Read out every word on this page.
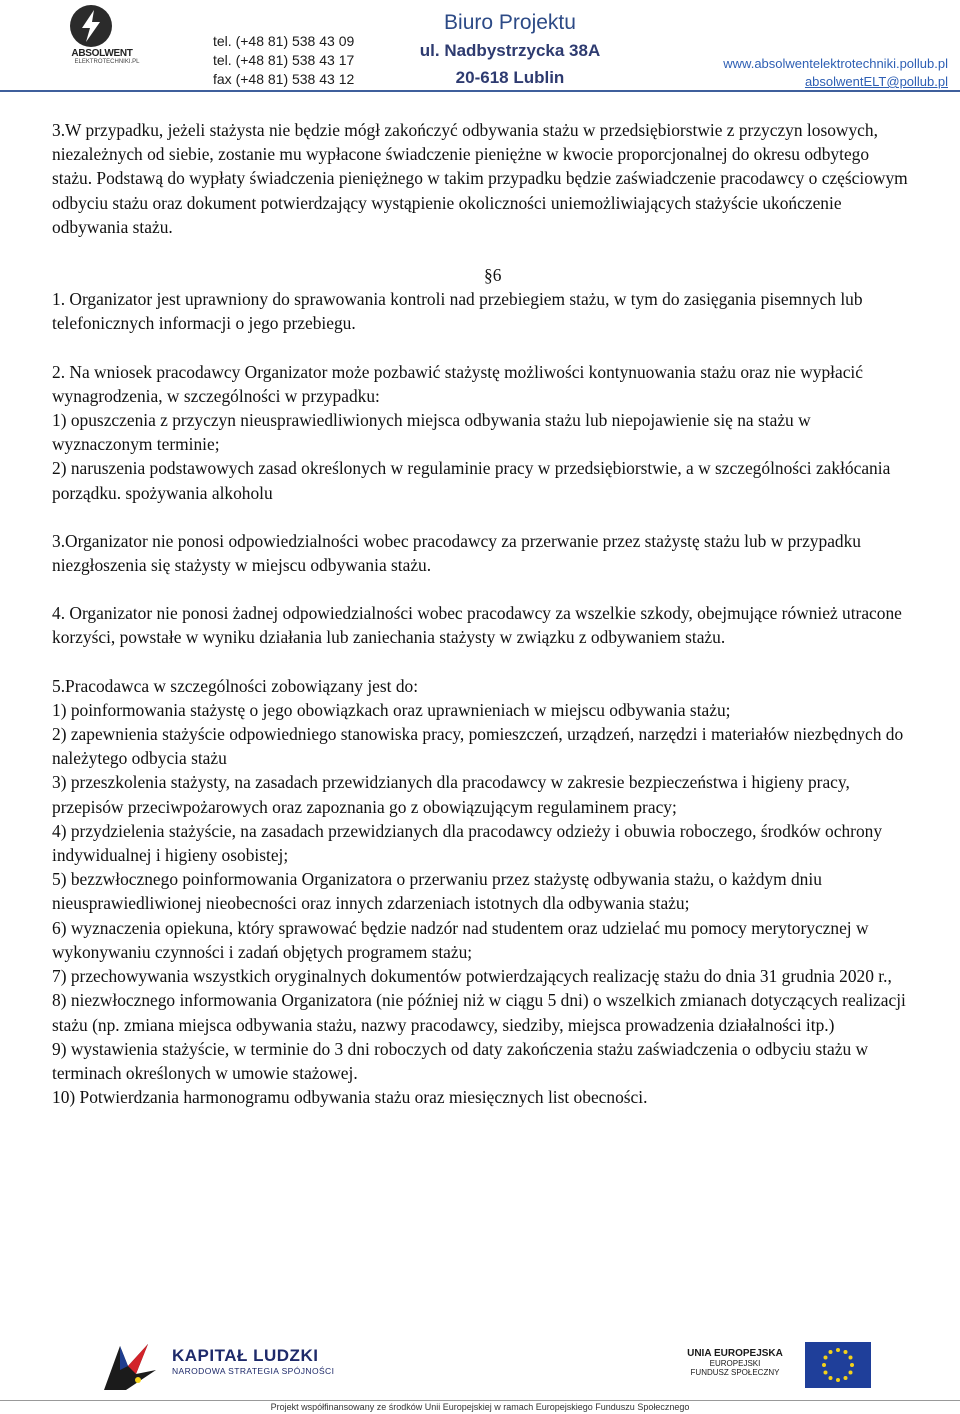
ABSOLWENT
ELEKTROTECHNIKI.PL
tel. (+48 81) 538 43 09
tel. (+48 81) 538 43 17
fax (+48 81) 538 43 12
Biuro Projektu
ul. Nadbystrzycka 38A
20-618 Lublin
www.absolwentelektrotechniki.pollub.pl
absolwentELT@pollub.pl

3.W przypadku, jeżeli stażysta nie będzie mógł zakończyć odbywania stażu w przedsiębiorstwie z przyczyn losowych, niezależnych od siebie, zostanie mu wypłacone świadczenie pieniężne w kwocie proporcjonalnej do okresu odbytego stażu. Podstawą do wypłaty świadczenia pieniężnego w takim przypadku będzie zaświadczenie pracodawcy o częściowym odbyciu stażu oraz dokument potwierdzający wystąpienie okoliczności uniemożliwiających stażyście ukończenie odbywania stażu.

§6

1. Organizator jest uprawniony do sprawowania kontroli nad przebiegiem stażu, w tym do zasięgania pisemnych lub telefonicznych informacji o jego przebiegu.

2. Na wniosek pracodawcy Organizator może pozbawić stażystę możliwości kontynuowania stażu oraz nie wypłacić wynagrodzenia, w szczególności w przypadku:

1) opuszczenia z przyczyn nieusprawiedliwionych miejsca odbywania stażu lub niepojawienie się na stażu w wyznaczonym terminie;

2) naruszenia podstawowych zasad określonych w regulaminie pracy w przedsiębiorstwie, a w szczególności zakłócania porządku. spożywania alkoholu

3.Organizator nie ponosi odpowiedzialności wobec pracodawcy za przerwanie przez stażystę stażu lub w przypadku niezgłoszenia się stażysty w miejscu odbywania stażu.

4. Organizator nie ponosi żadnej odpowiedzialności wobec pracodawcy za wszelkie szkody, obejmujące również utracone korzyści, powstałe w wyniku działania lub zaniechania stażysty w związku z odbywaniem stażu.

5.Pracodawca w szczególności zobowiązany jest do:

1) poinformowania stażystę o jego obowiązkach oraz uprawnieniach w miejscu odbywania stażu;

2) zapewnienia stażyście odpowiedniego stanowiska pracy, pomieszczeń, urządzeń, narzędzi i materiałów niezbędnych do należytego odbycia stażu

3) przeszkolenia stażysty, na zasadach przewidzianych dla pracodawcy w zakresie bezpieczeństwa i higieny pracy, przepisów przeciwpożarowych oraz zapoznania go z obowiązującym regulaminem pracy;

4) przydzielenia stażyście, na zasadach przewidzianych dla pracodawcy odzieży i obuwia roboczego, środków ochrony indywidualnej i higieny osobistej;

5) bezzwłocznego poinformowania Organizatora o przerwaniu przez stażystę odbywania stażu, o każdym dniu nieusprawiedliwionej nieobecności oraz innych zdarzeniach istotnych dla odbywania stażu;

6) wyznaczenia opiekuna, który sprawować będzie nadzór nad studentem oraz udzielać mu pomocy merytorycznej w wykonywaniu czynności i zadań objętych programem stażu;

7) przechowywania wszystkich oryginalnych dokumentów potwierdzających realizację stażu do dnia 31 grudnia 2020 r.,

8) niezwłocznego informowania Organizatora (nie później niż w ciągu 5 dni) o wszelkich zmianach dotyczących realizacji stażu (np. zmiana miejsca odbywania stażu, nazwy pracodawcy, siedziby, miejsca prowadzenia działalności itp.)

9) wystawienia stażyście, w terminie do 3 dni roboczych od daty zakończenia stażu zaświadczenia o odbyciu stażu w terminach określonych w umowie stażowej.

10) Potwierdzania harmonogramu odbywania stażu oraz miesięcznych list obecności.

KAPITAŁ LUDZKI
NARODOWA STRATEGIA SPÓJNOŚCI
UNIA EUROPEJSKA
EUROPEJSKI
FUNDUSZ SPOŁECZNY
Projekt współfinansowany ze środków Unii Europejskiej w ramach Europejskiego Funduszu Społecznego
